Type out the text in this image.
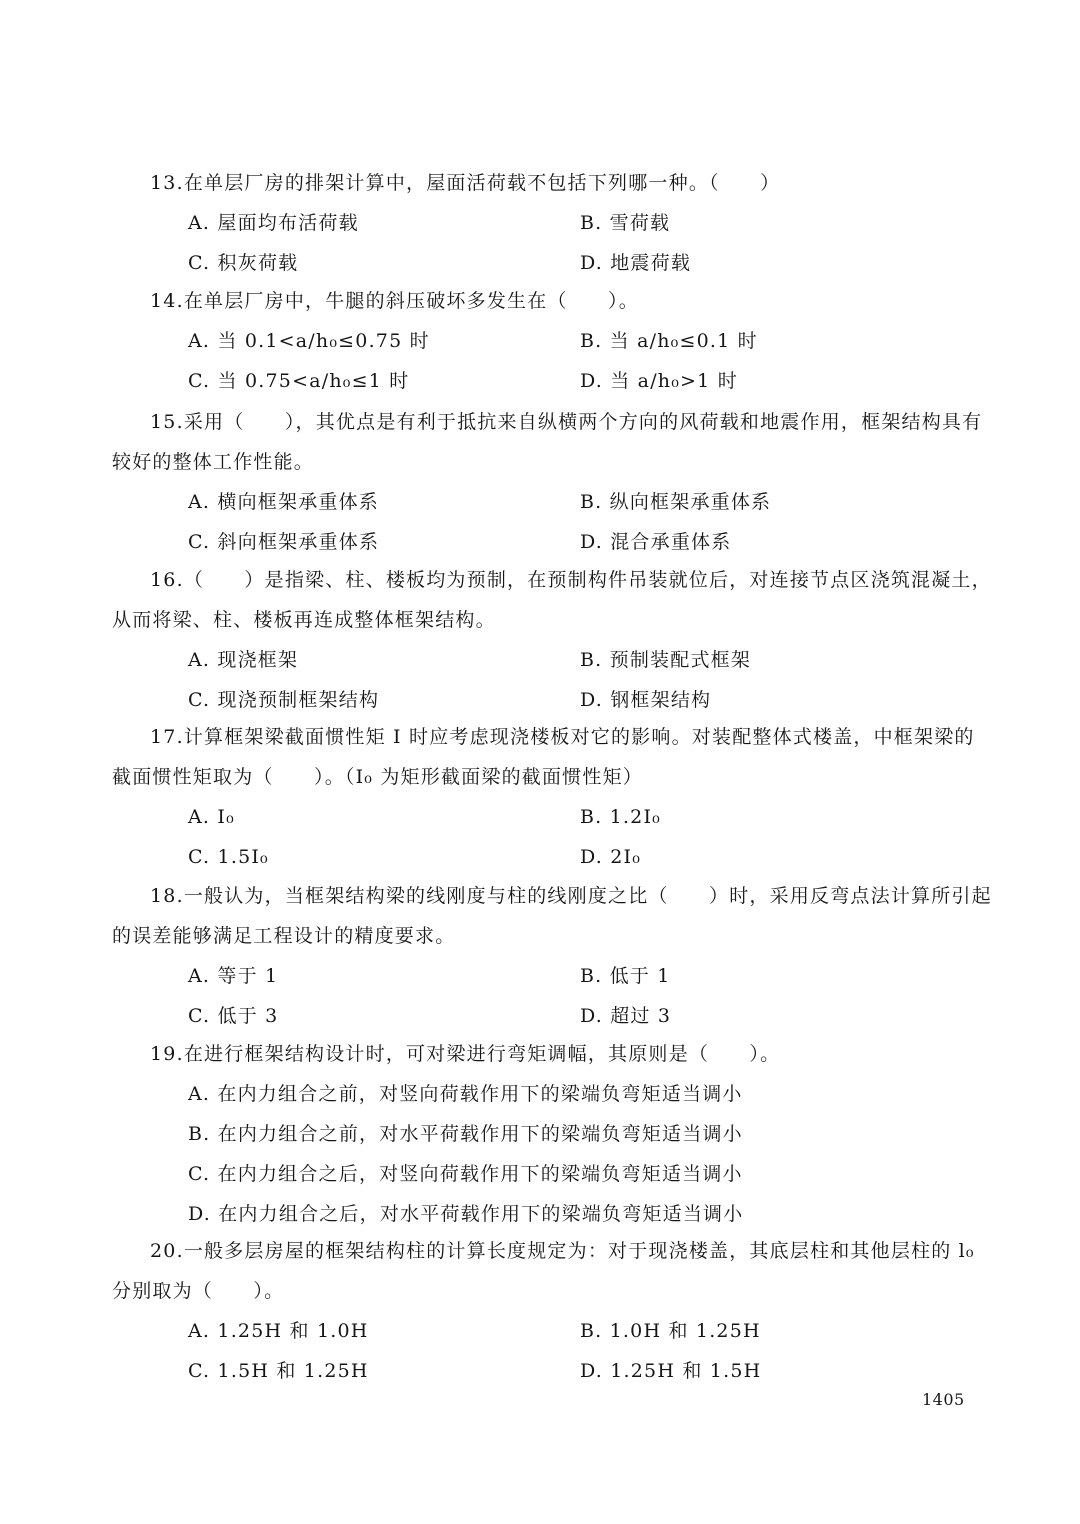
13.在单层厂房的排架计算中，屋面活荷载不包括下列哪一种。（　　）

A. 屋面均布活荷载	B. 雪荷载
C. 积灰荷载	D. 地震荷载

14.在单层厂房中，牛腿的斜压破坏多发生在（　　）。

A. 当 0.1<a/h₀≤0.75 时	B. 当 a/h₀≤0.1 时
C. 当 0.75<a/h₀≤1 时	D. 当 a/h₀>1 时

15.采用（　　），其优点是有利于抵抗来自纵横两个方向的风荷载和地震作用，框架结构具有较好的整体工作性能。

A. 横向框架承重体系	B. 纵向框架承重体系
C. 斜向框架承重体系	D. 混合承重体系

16.（　　）是指梁、柱、楼板均为预制，在预制构件吊装就位后，对连接节点区浇筑混凝土，从而将梁、柱、楼板再连成整体框架结构。

A. 现浇框架	B. 预制装配式框架
C. 现浇预制框架结构	D. 钢框架结构

17.计算框架梁截面惯性矩 I 时应考虑现浇楼板对它的影响。对装配整体式楼盖，中框架梁的截面惯性矩取为（　　）。（I₀ 为矩形截面梁的截面惯性矩）

A. I₀	B. 1.2I₀
C. 1.5I₀	D. 2I₀

18.一般认为，当框架结构梁的线刚度与柱的线刚度之比（　　）时，采用反弯点法计算所引起的误差能够满足工程设计的精度要求。

A. 等于 1	B. 低于 1
C. 低于 3	D. 超过 3

19.在进行框架结构设计时，可对梁进行弯矩调幅，其原则是（　　）。

A. 在内力组合之前，对竖向荷载作用下的梁端负弯矩适当调小
B. 在内力组合之前，对水平荷载作用下的梁端负弯矩适当调小
C. 在内力组合之后，对竖向荷载作用下的梁端负弯矩适当调小
D. 在内力组合之后，对水平荷载作用下的梁端负弯矩适当调小

20.一般多层房屋的框架结构柱的计算长度规定为：对于现浇楼盖，其底层柱和其他层柱的 l₀ 分别取为（　　）。

A. 1.25H 和 1.0H	B. 1.0H 和 1.25H
C. 1.5H 和 1.25H	D. 1.25H 和 1.5H
1405
